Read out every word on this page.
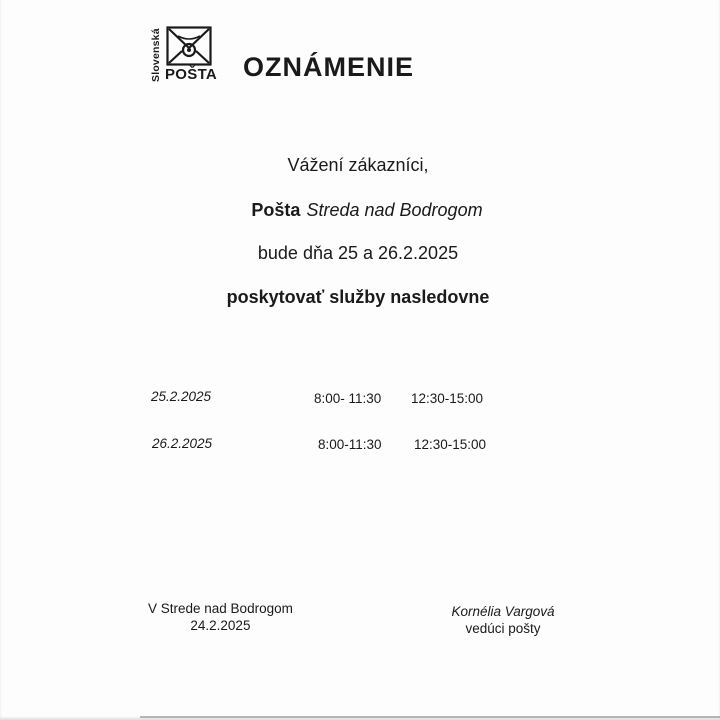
Slovenská POŠTA OZNÁMENIE
Vážení zákazníci,
Pošta Streda nad Bodrogom
bude dňa 25 a 26.2.2025
poskytovať služby nasledovne
25.2.2025	8:00- 11:30 12:30-15:00
26.2.2025	8:00-11:30 12:30-15:00
V Strede nad Bodrogom
24.2.2025
Kornélia Vargová
vedúci pošty
